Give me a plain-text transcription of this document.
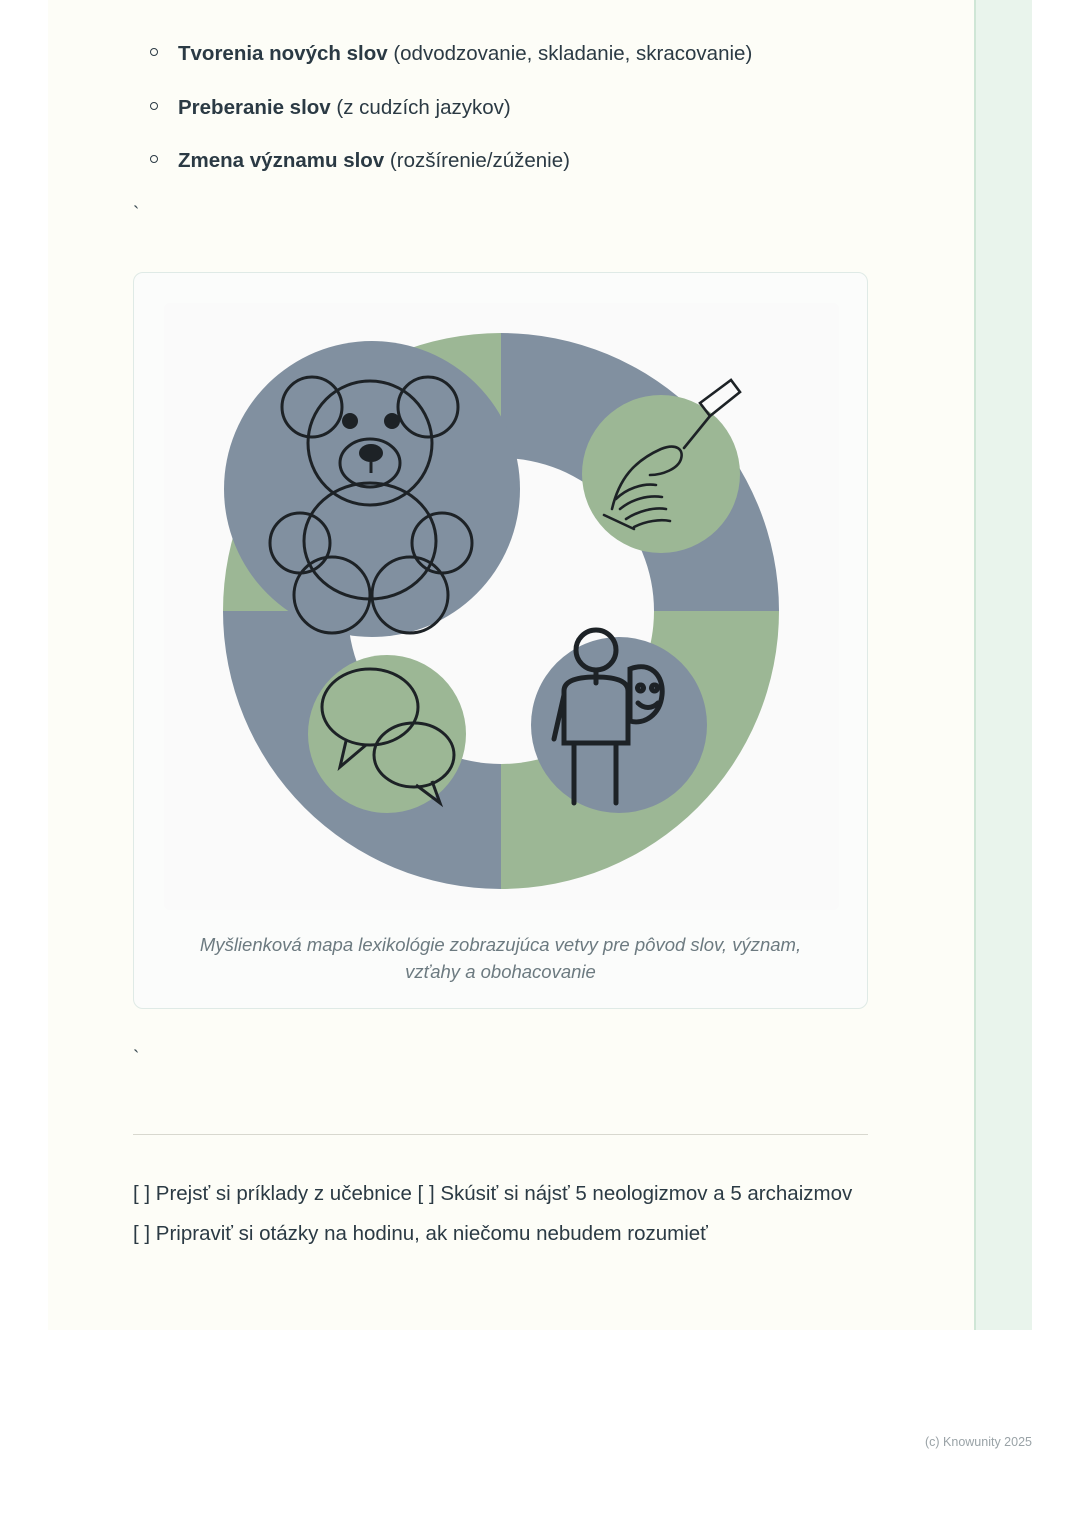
Tvorenia nových slov (odvodzovanie, skladanie, skracovanie)
Preberanie slov (z cudzích jazykov)
Zmena významu slov (rozšírenie/zúženie)
`
Myšlienková mapa lexikológie zobrazujúca vetvy pre pôvod slov, význam, vzťahy a obohacovanie
`

[ ] Prejsť si príklady z učebnice [ ] Skúsiť si nájsť 5 neologizmov a 5 archaizmov

[ ] Pripraviť si otázky na hodinu, ak niečomu nebudem rozumieť

(c) Knowunity 2025
